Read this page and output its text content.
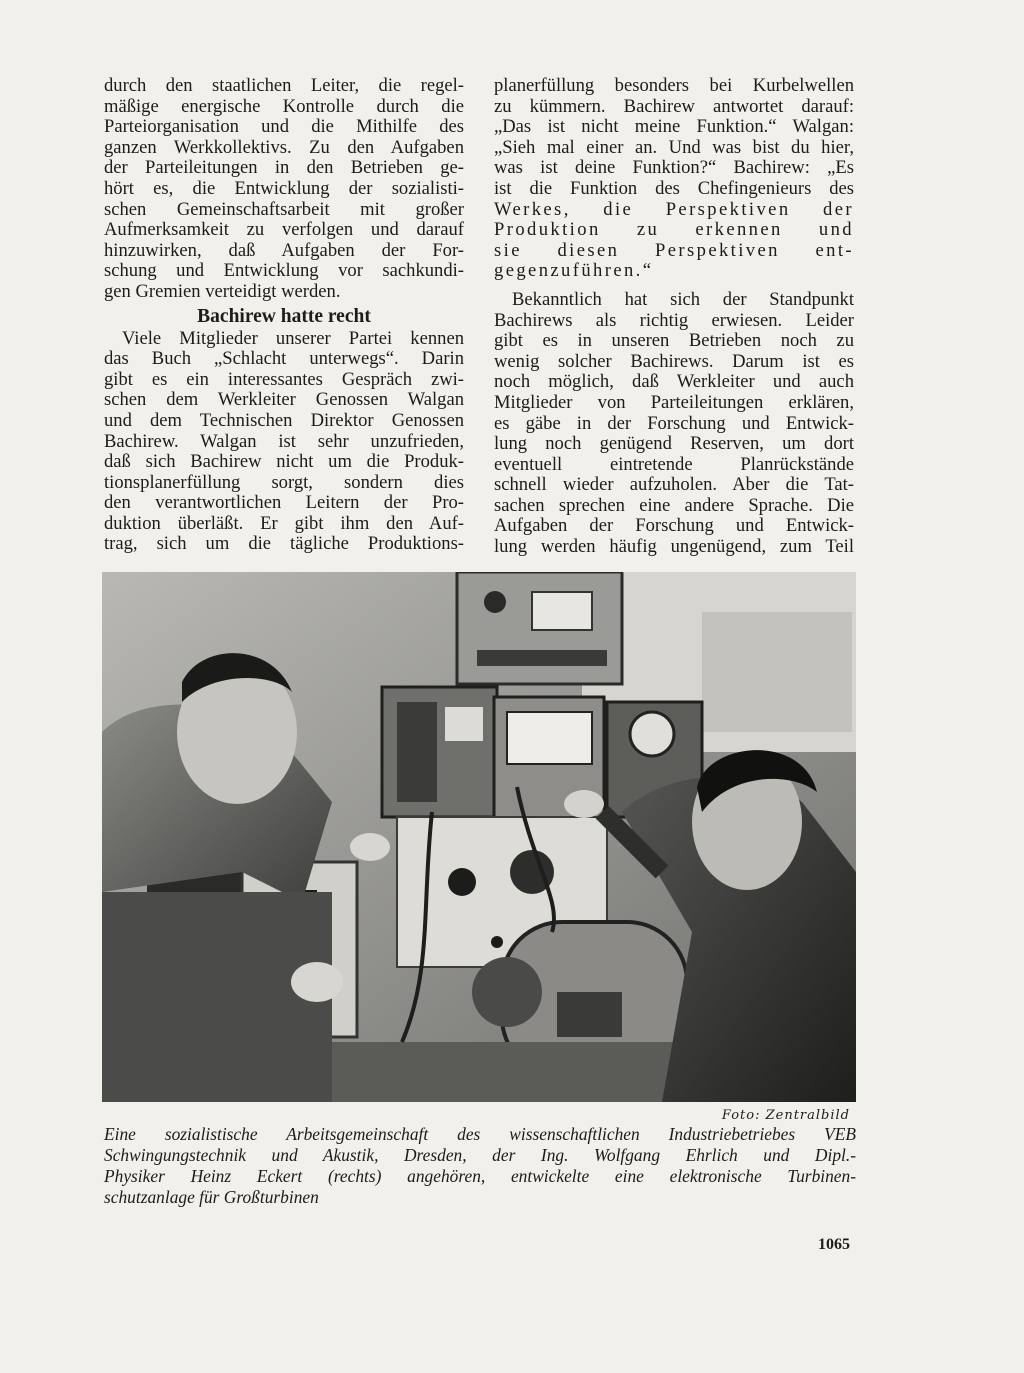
durch den staatlichen Leiter, die regel-
mäßige energische Kontrolle durch die
Parteiorganisation und die Mithilfe des
ganzen Werkkollektivs. Zu den Aufgaben
der Parteileitungen in den Betrieben ge-
hört es, die Entwicklung der sozialisti-
schen Gemeinschaftsarbeit mit großer
Aufmerksamkeit zu verfolgen und darauf
hinzuwirken, daß Aufgaben der For-
schung und Entwicklung vor sachkundi-
gen Gremien verteidigt werden.
Bachirew hatte recht
Viele Mitglieder unserer Partei kennen
das Buch „Schlacht unterwegs“. Darin
gibt es ein interessantes Gespräch zwi-
schen dem Werkleiter Genossen Walgan
und dem Technischen Direktor Genossen
Bachirew. Walgan ist sehr unzufrieden,
daß sich Bachirew nicht um die Produk-
tionsplanerfüllung sorgt, sondern dies
den verantwortlichen Leitern der Pro-
duktion überläßt. Er gibt ihm den Auf-
trag, sich um die tägliche Produktions-
planerfüllung besonders bei Kurbelwellen
zu kümmern. Bachirew antwortet darauf:
„Das ist nicht meine Funktion.“ Walgan:
„Sieh mal einer an. Und was bist du hier,
was ist deine Funktion?“ Bachirew: „Es
ist die Funktion des Chefingenieurs des
Werkes, die Perspektiven der
Produktion zu erkennen und
sie diesen Perspektiven ent-
gegenzuführen.“
Bekanntlich hat sich der Standpunkt
Bachirews als richtig erwiesen. Leider
gibt es in unseren Betrieben noch zu
wenig solcher Bachirews. Darum ist es
noch möglich, daß Werkleiter und auch
Mitglieder von Parteileitungen erklären,
es gäbe in der Forschung und Entwick-
lung noch genügend Reserven, um dort
eventuell eintretende Planrückstände
schnell wieder aufzuholen. Aber die Tat-
sachen sprechen eine andere Sprache. Die
Aufgaben der Forschung und Entwick-
lung werden häufig ungenügend, zum Teil
Foto: Zentralbild
Eine sozialistische Arbeitsgemeinschaft des wissenschaftlichen Industriebetriebes VEB
Schwingungstechnik und Akustik, Dresden, der Ing. Wolfgang Ehrlich und Dipl.-
Physiker Heinz Eckert (rechts) angehören, entwickelte eine elektronische Turbinen-
schutzanlage für Großturbinen
1065
